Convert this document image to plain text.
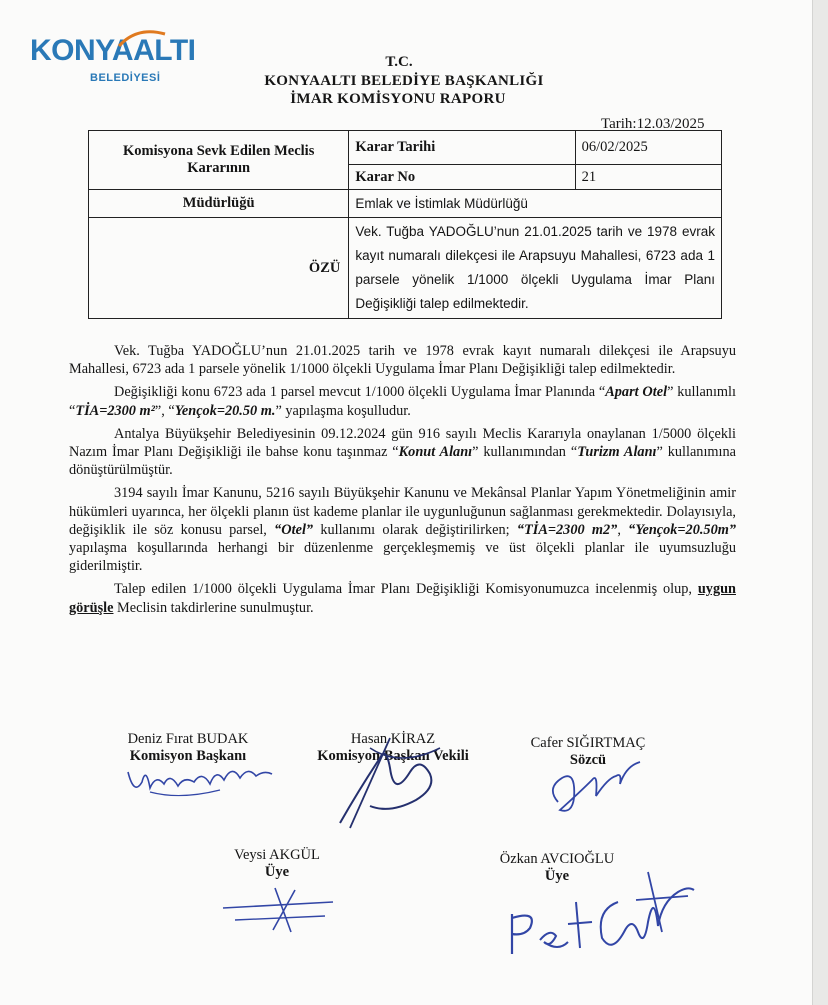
KONYAALTI
BELEDİYESİ
T.C.
KONYAALTI BELEDİYE BAŞKANLIĞI
İMAR KOMİSYONU RAPORU
Tarih:12.03/2025
Komisyona Sevk Edilen Meclis Kararının	Karar Tarihi	06/02/2025
	Karar No	21
Müdürlüğü	Emlak ve İstimlak Müdürlüğü	
ÖZÜ	Vek. Tuğba YADOĞLU’nun 21.01.2025 tarih ve 1978 evrak kayıt numaralı dilekçesi ile Arapsuyu Mahallesi, 6723 ada 1 parsele yönelik 1/1000 ölçekli Uygulama İmar Planı Değişikliği talep edilmektedir.	

Vek. Tuğba YADOĞLU’nun 21.01.2025 tarih ve 1978 evrak kayıt numaralı dilekçesi ile Arapsuyu Mahallesi, 6723 ada 1 parsele yönelik 1/1000 ölçekli Uygulama İmar Planı Değişikliği talep edilmektedir.

Değişikliği konu 6723 ada 1 parsel mevcut 1/1000 ölçekli Uygulama İmar Planında “Apart Otel” kullanımlı “TİA=2300 m²”, “Yençok=20.50 m.” yapılaşma koşulludur.

Antalya Büyükşehir Belediyesinin 09.12.2024 gün 916 sayılı Meclis Kararıyla onaylanan 1/5000 ölçekli Nazım İmar Planı Değişikliği ile bahse konu taşınmaz “Konut Alanı” kullanımından “Turizm Alanı” kullanımına dönüştürülmüştür.

3194 sayılı İmar Kanunu, 5216 sayılı Büyükşehir Kanunu ve Mekânsal Planlar Yapım Yönetmeliğinin amir hükümleri uyarınca, her ölçekli planın üst kademe planlar ile uygunluğunun sağlanması gerekmektedir. Dolayısıyla, değişiklik ile söz konusu parsel, “Otel” kullanımı olarak değiştirilirken; “TİA=2300 m2”, “Yençok=20.50m” yapılaşma koşullarında herhangi bir düzenlenme gerçekleşmemiş ve üst ölçekli planlar ile uyumsuzluğu giderilmiştir.

Talep edilen 1/1000 ölçekli Uygulama İmar Planı Değişikliği Komisyonumuzca incelenmiş olup, uygun görüşle Meclisin takdirlerine sunulmuştur.

Deniz Fırat BUDAK
Komisyon Başkanı
Hasan KİRAZ
Komisyon Başkan Vekili
Cafer SIĞIRTMAÇ
Sözcü
Veysi AKGÜL
Üye
Özkan AVCIOĞLU
Üye
